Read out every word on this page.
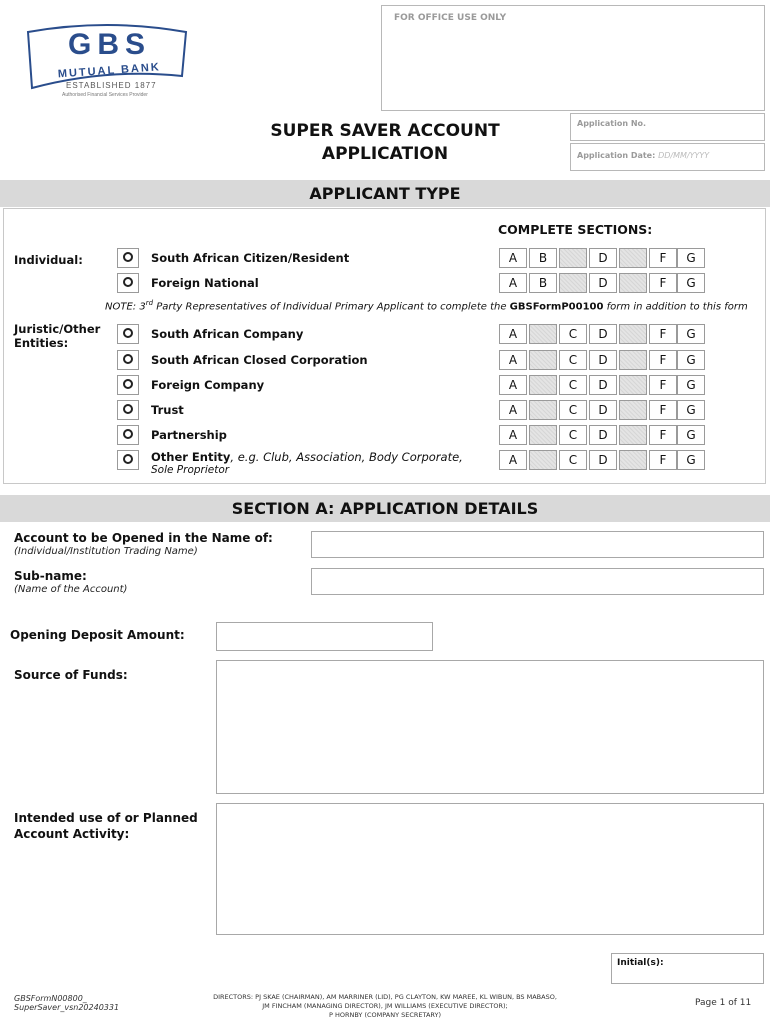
GBS
MUTUAL BANK
ESTABLISHED 1877
Authorised Financial Services Provider
FOR OFFICE USE ONLY
Application No.
Application Date: DD/MM/YYYY
SUPER SAVER ACCOUNT
APPLICATION
APPLICANT TYPE
COMPLETE SECTIONS:
Individual:
Juristic/Other
Entities:
NOTE: 3rd Party Representatives of Individual Primary Applicant to complete the GBSFormP00100 form in addition to this form
South African Citizen/Resident	A	B	D	F	G
Foreign National	A	B	D	F	G
South African Company	A	C	D	F	G
South African Closed Corporation	A	C	D	F	G
Foreign Company	A	C	D	F	G
Trust	A	C	D	F	G
Partnership	A	C	D	F	G
Other Entity, e.g. Club, Association, Body Corporate,
Sole Proprietor
A	C	D	F	G
SECTION A: APPLICATION DETAILS
Account to be Opened in the Name of:
(Individual/Institution Trading Name)
Sub-name:
(Name of the Account)
Opening Deposit Amount:
Source of Funds:
Intended use of or Planned
Account Activity:
Initial(s):
GBSFormN00800_
SuperSaver_vsn20240331
DIRECTORS: PJ SKAE (CHAIRMAN), AM MARRINER (LID), PG CLAYTON, KW MAREE, KL WIBUN, BS MABASO,
JM FINCHAM (MANAGING DIRECTOR), JM WILLIAMS (EXECUTIVE DIRECTOR);
P HORNBY (COMPANY SECRETARY)
Page 1 of 11
